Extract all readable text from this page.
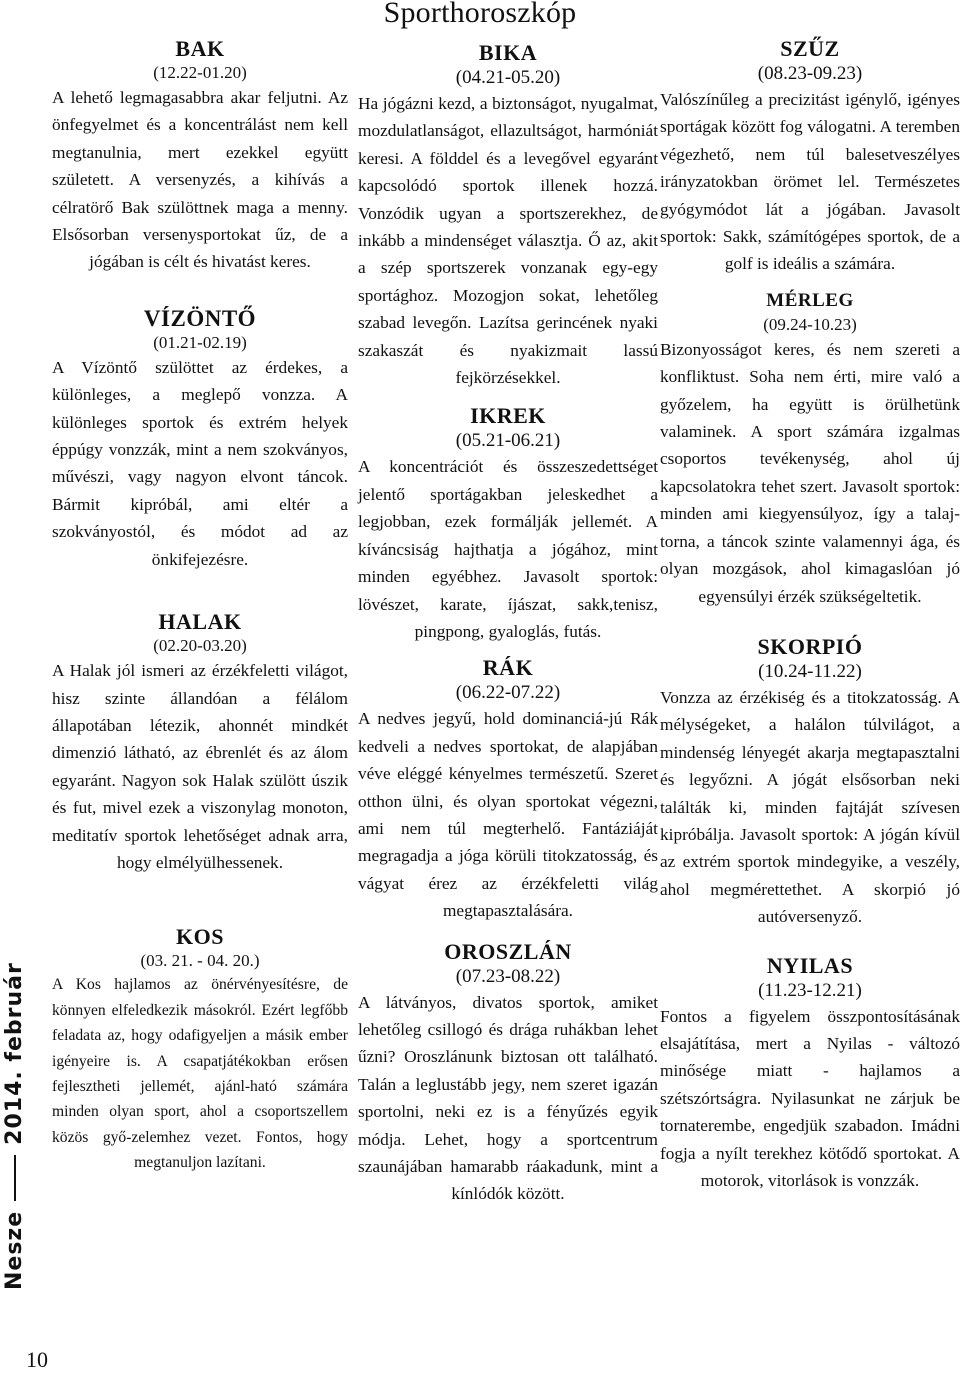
Sporthoroszkóp

BAK

(12.22-01.20)

A lehető legmagasabbra akar feljutni. Az önfegyelmet és a koncentrálást nem kell megtanulnia, mert ezekkel együtt született. A versenyzés, a kihívás a célratörő Bak szülöttnek maga a menny. Elsősorban versenysportokat űz, de a jógában is célt és hivatást keres.

VÍZÖNTŐ

(01.21-02.19)

A Vízöntő szülöttet az érdekes, a különleges, a meglepő vonzza. A különleges sportok és extrém helyek éppúgy vonzzák, mint a nem szokványos, művészi, vagy nagyon elvont táncok. Bármit kipróbál, ami eltér a szokványostól, és módot ad az önkifejezésre.

HALAK

(02.20-03.20)

A Halak jól ismeri az érzékfeletti világot, hisz szinte állandóan a félálom állapotában létezik, ahonnét mindkét dimenzió látható, az ébrenlét és az álom egyaránt. Nagyon sok Halak szülött úszik és fut, mivel ezek a viszonylag monoton, meditatív sportok lehetőséget adnak arra, hogy elmélyülhessenek.

KOS

(03. 21. - 04. 20.)

A Kos hajlamos az önérvényesítésre, de könnyen elfeledkezik másokról. Ezért legfőbb feladata az, hogy odafigyeljen a másik ember igényeire is. A csapatjátékokban erősen fejlesztheti jellemét, ajánl-ható számára minden olyan sport, ahol a csoportszellem közös győ-zelemhez vezet. Fontos, hogy megtanuljon lazítani.

BIKA

(04.21-05.20)

Ha jógázni kezd, a biztonságot, nyugalmat, mozdulatlanságot, ellazultságot, harmóniát keresi. A földdel és a levegővel egyaránt kapcsolódó sportok illenek hozzá. Vonzódik ugyan a sportszerekhez, de inkább a mindenséget választja. Ő az, akit a szép sportszerek vonzanak egy-egy sportághoz. Mozogjon sokat, lehetőleg szabad levegőn. Lazítsa gerincének nyaki szakaszát és nyakizmait lassú fejkörzésekkel.

IKREK

(05.21-06.21)

A koncentrációt és összeszedettséget jelentő sportágakban jeleskedhet a legjobban, ezek formálják jellemét. A kíváncsiság hajthatja a jógához, mint minden egyébhez. Javasolt sportok: lövészet, karate, íjászat, sakk,tenisz, pingpong, gyaloglás, futás.

RÁK

(06.22-07.22)

A nedves jegyű, hold dominanciá-jú Rák kedveli a nedves sportokat, de alapjában véve eléggé kényelmes természetű. Szeret otthon ülni, és olyan sportokat végezni, ami nem túl megterhelő. Fantáziáját megragadja a jóga körüli titokzatosság, és vágyat érez az érzékfeletti világ megtapasztalására.

OROSZLÁN

(07.23-08.22)

A látványos, divatos sportok, amiket lehetőleg csillogó és drága ruhákban lehet űzni? Oroszlánunk biztosan ott található. Talán a leglustább jegy, nem szeret igazán sportolni, neki ez is a fényűzés egyik módja. Lehet, hogy a sportcentrum szaunájában hamarabb ráakadunk, mint a kínlódók között.

SZŰZ

(08.23-09.23)

Valószínűleg a precizitást igénylő, igényes sportágak között fog válogatni. A teremben végezhető, nem túl balesetveszélyes irányzatokban örömet lel. Természetes gyógymódot lát a jógában. Javasolt sportok: Sakk, számítógépes sportok, de a golf is ideális a számára.

MÉRLEG

(09.24-10.23)

Bizonyosságot keres, és nem szereti a konfliktust. Soha nem érti, mire való a győzelem, ha együtt is örülhetünk valaminek. A sport számára izgalmas csoportos tevékenység, ahol új kapcsolatokra tehet szert. Javasolt sportok: minden ami kiegyensúlyoz, így a talaj-torna, a táncok szinte valamennyi ága, és olyan mozgások, ahol kimagaslóan jó egyensúlyi érzék szükségeltetik.

SKORPIÓ

(10.24-11.22)

Vonzza az érzékiség és a titokzatosság. A mélységeket, a halálon túlvilágot, a mindenség lényegét akarja megtapasztalni és legyőzni. A jógát elsősorban neki találták ki, minden fajtáját szívesen kipróbálja. Javasolt sportok: A jógán kívül az extrém sportok mindegyike, a veszély, ahol megmérettethet. A skorpió jó autóversenyző.

NYILAS

(11.23-12.21)

Fontos a figyelem összpontosításának elsajátítása, mert a Nyilas - változó minősége miatt - hajlamos a szétszórtságra. Nyilasunkat ne zárjuk be tornaterembe, engedjük szabadon. Imádni fogja a nyílt terekhez kötődő sportokat. A motorok, vitorlások is vonzzák.

Nesze2014. február
10
